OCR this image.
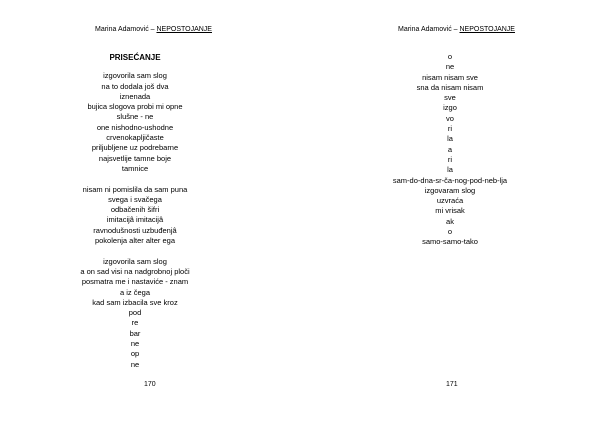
Marina Adamović – NEPOSTOJANJE
PRISEĆANJE
izgovorila sam slog
na to dodala još dva
iznenada
bujica slogova probi mi opne
slušne - ne
one nishodno-ushodne
crvenokapljičaste
priljubljene uz podrebarne
najsvetlije tamne boje
tamnice
nisam ni pomislila da sam puna
svega i svačega
odbačenih šifri
imitacijâ imitacijâ
ravnodušnosti uzbuđenjâ
pokolenja alter alter ega
izgovorila sam slog
a on sad visi na nadgrobnoj ploči
posmatra me i nastaviće - znam
a iz čega
kad sam izbacila sve kroz
pod
re
bar
ne
op
ne
170
Marina Adamović – NEPOSTOJANJE
o
ne
nisam nisam sve
sna da nisam nisam
sve
izgo
vo
ri
la
a
ri
la
sam-do-dna-sr-ča-nog-pod-neb-lja
izgovaram slog
uzvraća
mi vrisak
ak
o
samo-samo-tako
171
